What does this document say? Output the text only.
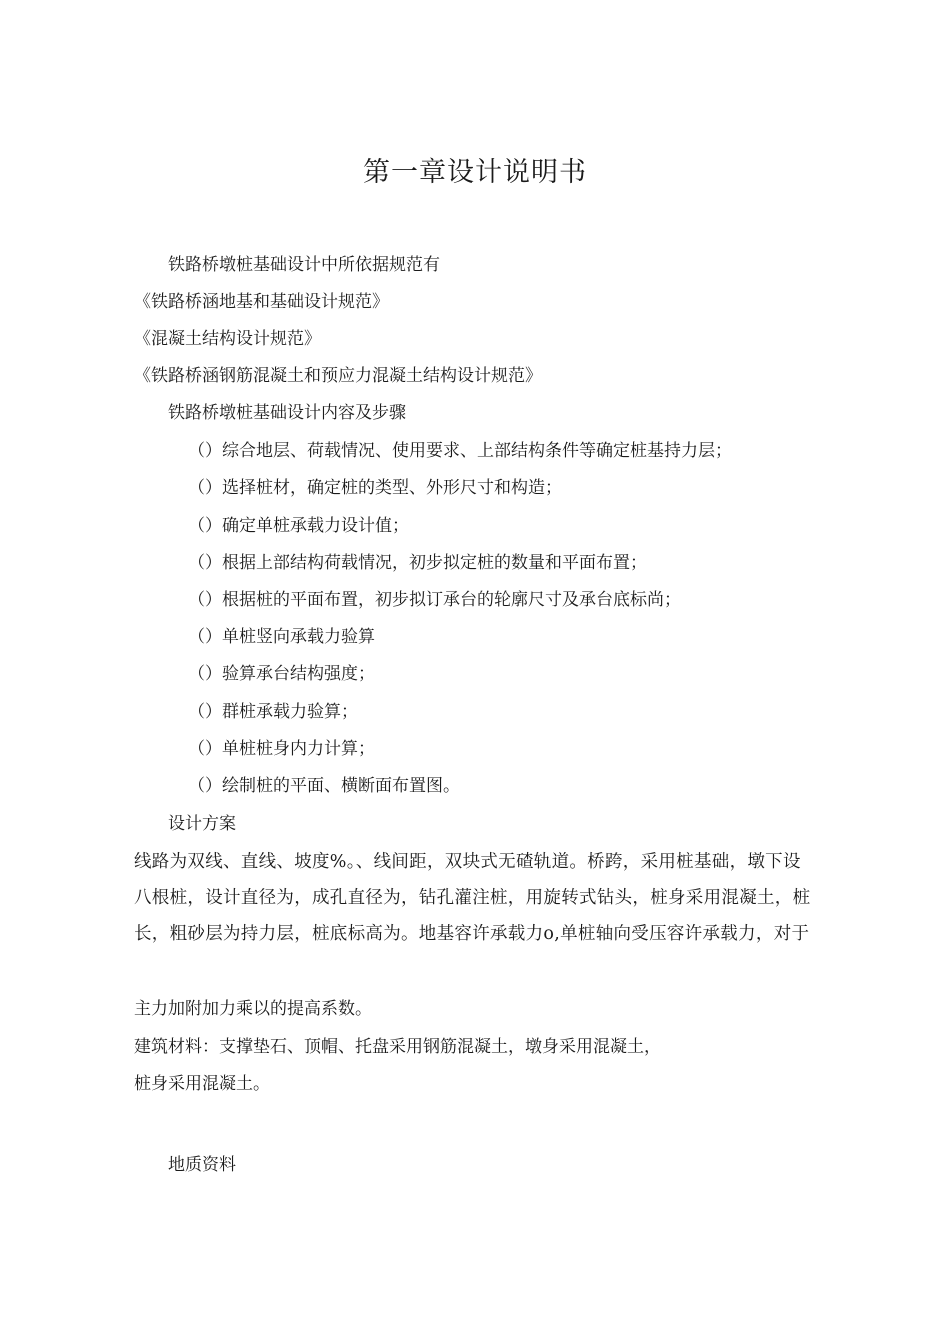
第一章设计说明书
铁路桥墩桩基础设计中所依据规范有
《铁路桥涵地基和基础设计规范》
《混凝土结构设计规范》
《铁路桥涵钢筋混凝土和预应力混凝土结构设计规范》
铁路桥墩桩基础设计内容及步骤
（）综合地层、荷载情况、使用要求、上部结构条件等确定桩基持力层；
（）选择桩材，确定桩的类型、外形尺寸和构造；
（）确定单桩承载力设计值；
（）根据上部结构荷载情况，初步拟定桩的数量和平面布置；
（）根据桩的平面布置，初步拟订承台的轮廓尺寸及承台底标尚；
（）单桩竖向承载力验算
（）验算承台结构强度；
（）群桩承载力验算；
（）单桩桩身内力计算；
（）绘制桩的平面、横断面布置图。
设计方案
线路为双线、直线、坡度%。、线间距，双块式无碴轨道。桥跨，采用桩基础，墩下设八根桩，设计直径为，成孔直径为，钻孔灌注桩，用旋转式钻头，桩身采用混凝土，桩长，粗砂层为持力层，桩底标高为。地基容许承载力o,单桩轴向受压容许承载力，对于
主力加附加力乘以的提高系数。
建筑材料：支撑垫石、顶帽、托盘采用钢筋混凝土，墩身采用混凝土，
桩身采用混凝土。
地质资料
